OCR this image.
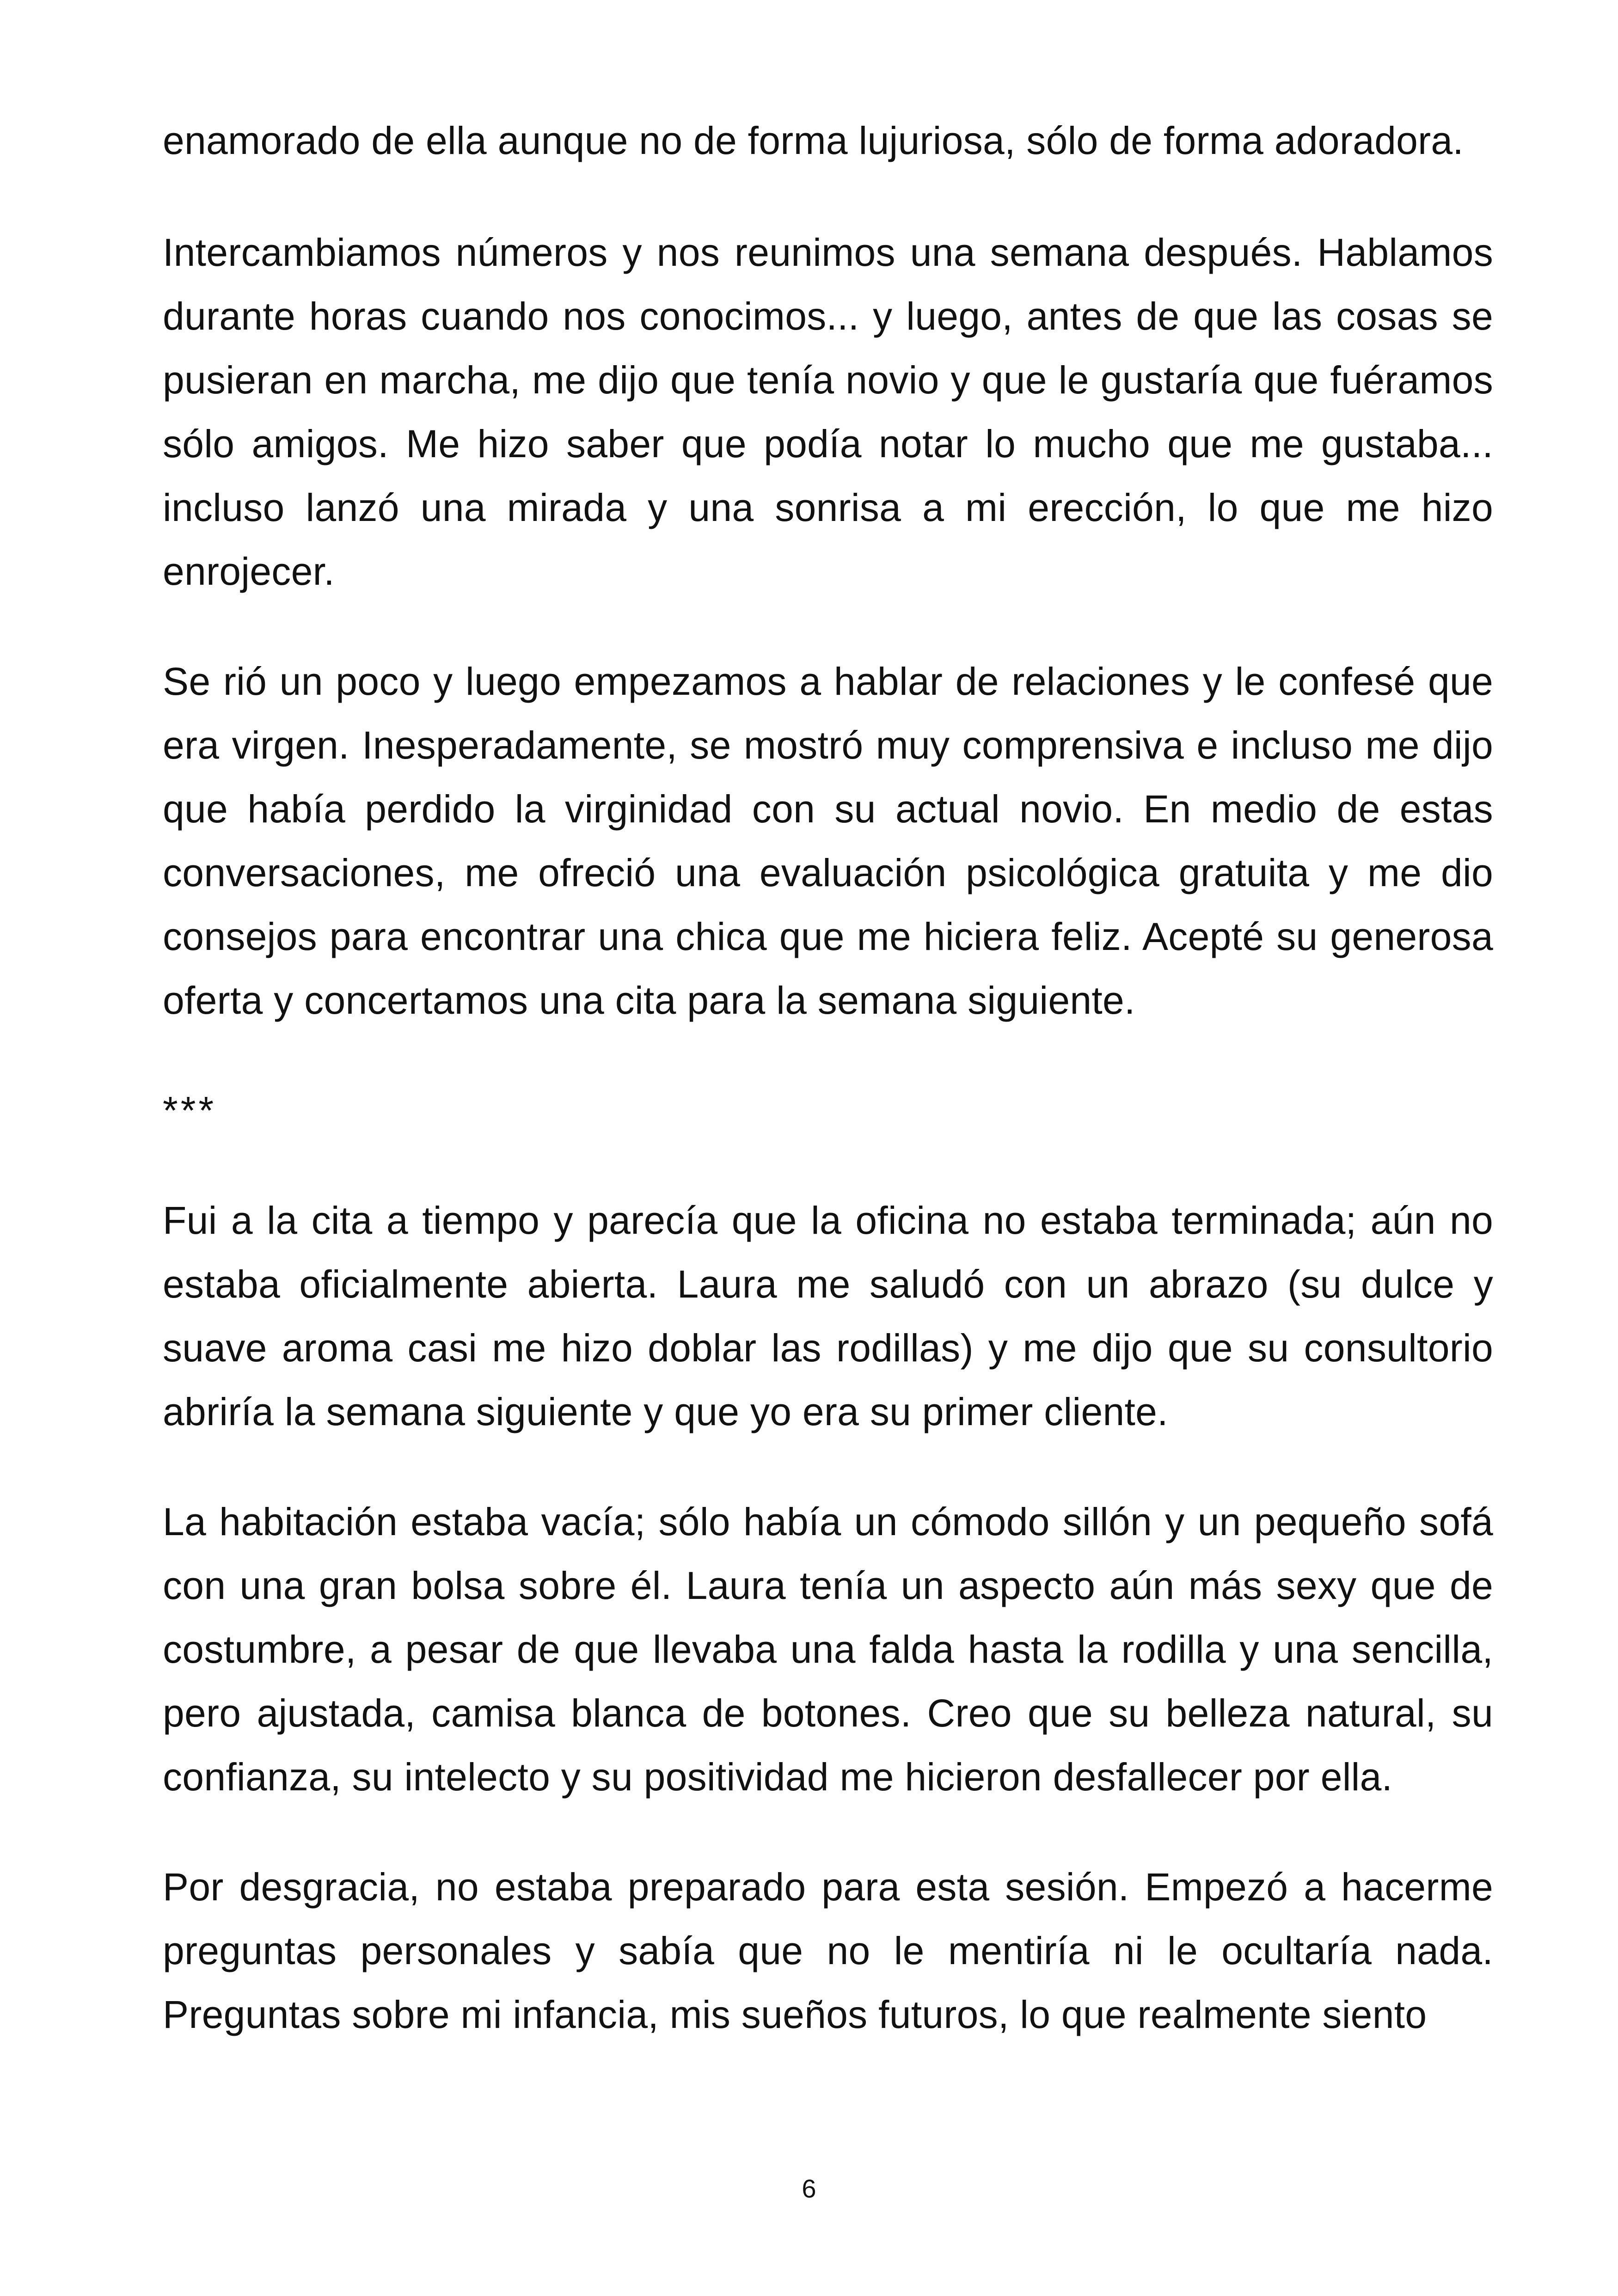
enamorado de ella aunque no de forma lujuriosa, sólo de forma adoradora.

Intercambiamos números y nos reunimos una semana después. Hablamos durante horas cuando nos conocimos... y luego, antes de que las cosas se pusieran en marcha, me dijo que tenía novio y que le gustaría que fuéramos sólo amigos. Me hizo saber que podía notar lo mucho que me gustaba... incluso lanzó una mirada y una sonrisa a mi erección, lo que me hizo enrojecer.

Se rió un poco y luego empezamos a hablar de relaciones y le confesé que era virgen. Inesperadamente, se mostró muy comprensiva e incluso me dijo que había perdido la virginidad con su actual novio. En medio de estas conversaciones, me ofreció una evaluación psicológica gratuita y me dio consejos para encontrar una chica que me hiciera feliz. Acepté su generosa oferta y concertamos una cita para la semana siguiente.

***

Fui a la cita a tiempo y parecía que la oficina no estaba terminada; aún no estaba oficialmente abierta. Laura me saludó con un abrazo (su dulce y suave aroma casi me hizo doblar las rodillas) y me dijo que su consultorio abriría la semana siguiente y que yo era su primer cliente.

La habitación estaba vacía; sólo había un cómodo sillón y un pequeño sofá con una gran bolsa sobre él. Laura tenía un aspecto aún más sexy que de costumbre, a pesar de que llevaba una falda hasta la rodilla y una sencilla, pero ajustada, camisa blanca de botones. Creo que su belleza natural, su confianza, su intelecto y su positividad me hicieron desfallecer por ella.

Por desgracia, no estaba preparado para esta sesión. Empezó a hacerme preguntas personales y sabía que no le mentiría ni le ocultaría nada. Preguntas sobre mi infancia, mis sueños futuros, lo que realmente siento

6
